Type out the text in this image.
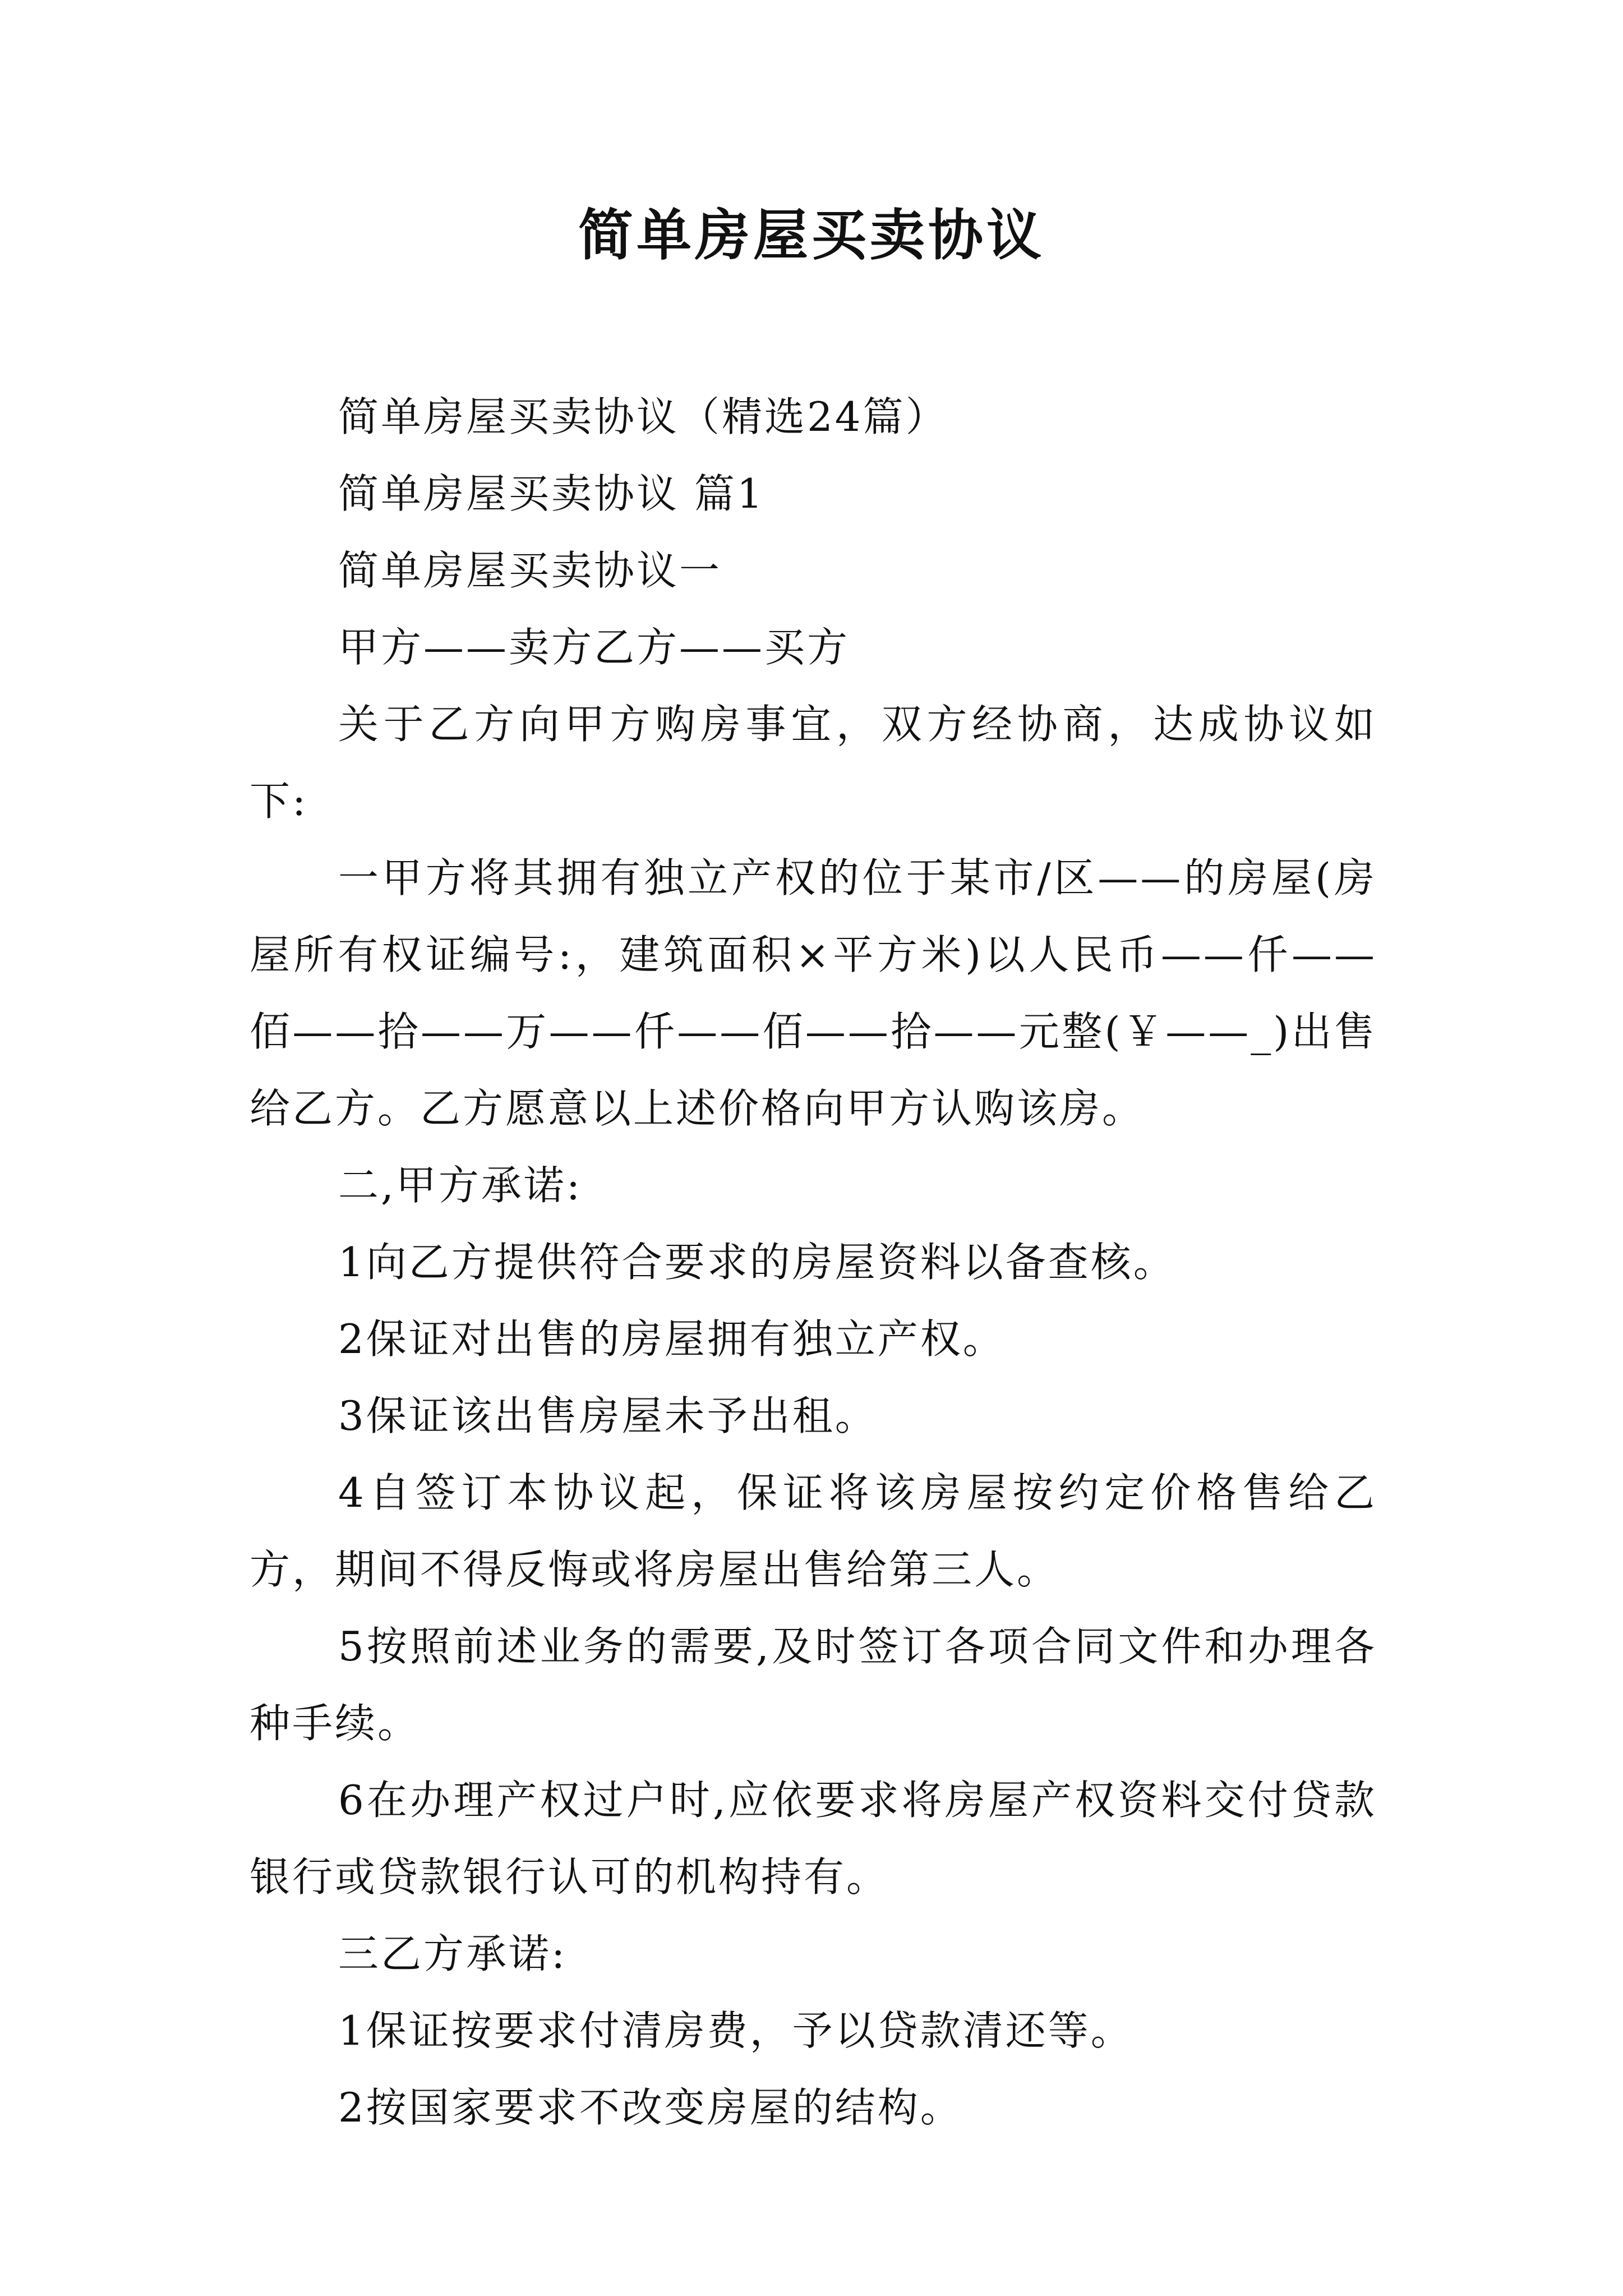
简单房屋买卖协议

简单房屋买卖协议（精选24篇）

简单房屋买卖协议 篇1

简单房屋买卖协议一

甲方——卖方乙方——买方

关于乙方向甲方购房事宜，双方经协商，达成协议如下:

一甲方将其拥有独立产权的位于某市/区——的房屋(房屋所有权证编号:，建筑面积×平方米)以人民币——仟——佰——拾——万——仟——佰——拾——元整(￥——_)出售给乙方。乙方愿意以上述价格向甲方认购该房。

二,甲方承诺:

1向乙方提供符合要求的房屋资料以备查核。

2保证对出售的房屋拥有独立产权。

3保证该出售房屋未予出租。

4自签订本协议起，保证将该房屋按约定价格售给乙方，期间不得反悔或将房屋出售给第三人。

5按照前述业务的需要,及时签订各项合同文件和办理各种手续。

6在办理产权过户时,应依要求将房屋产权资料交付贷款银行或贷款银行认可的机构持有。

三乙方承诺:

1保证按要求付清房费，予以贷款清还等。

2按国家要求不改变房屋的结构。
